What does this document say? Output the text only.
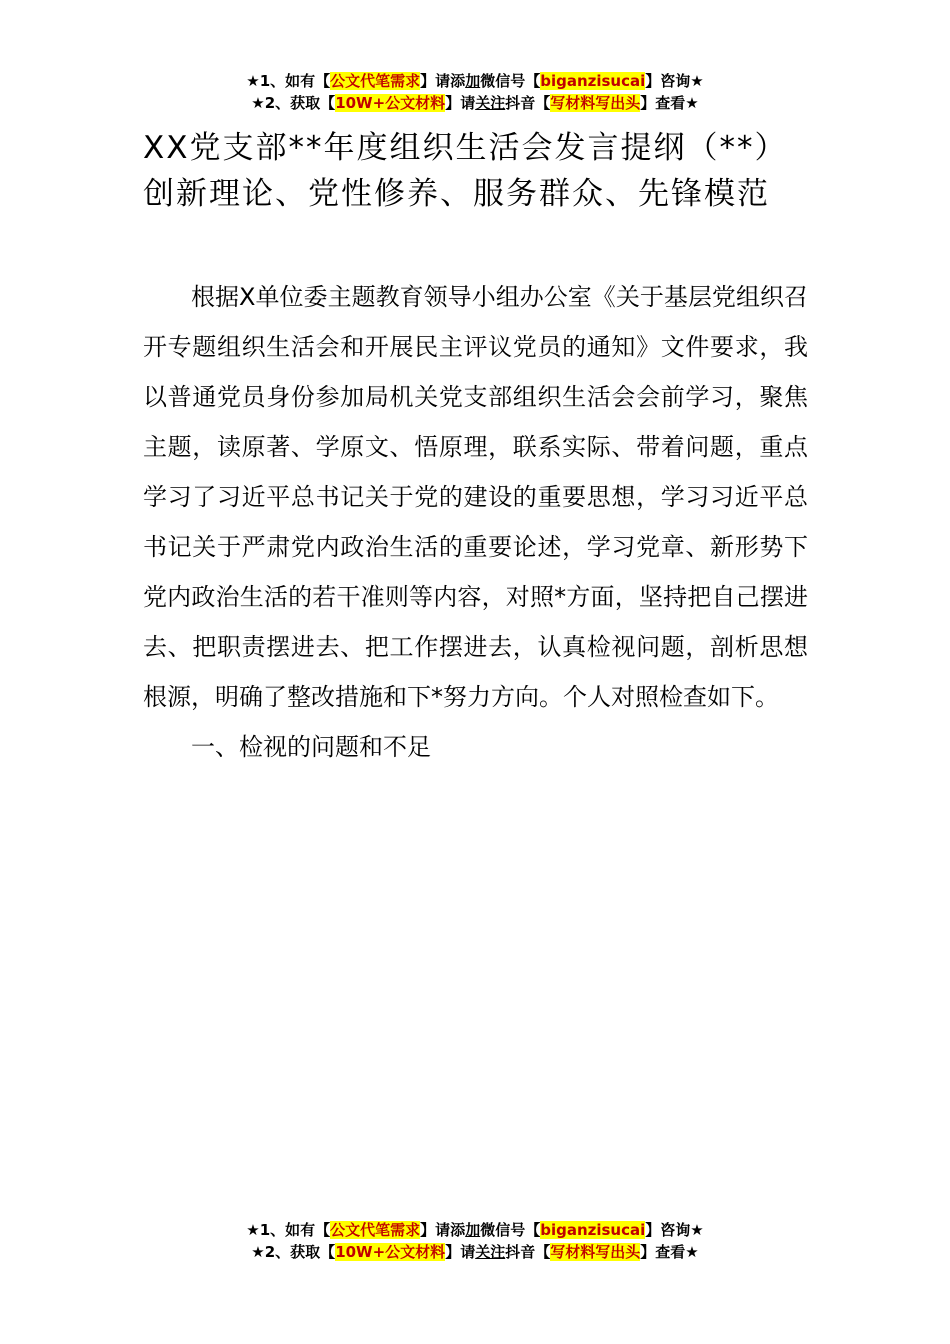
★1、如有【公文代笔需求】请添加微信号【biganzisucai】咨询★
★2、获取【10W+公文材料】请关注抖音【写材料写出头】查看★
XX党支部**年度组织生活会发言提纲（**）创新理论、党性修养、服务群众、先锋模范

根据X单位委主题教育领导小组办公室《关于基层党组织召开专题组织生活会和开展民主评议党员的通知》文件要求，我以普通党员身份参加局机关党支部组织生活会会前学习，聚焦主题，读原著、学原文、悟原理，联系实际、带着问题，重点学习了习近平总书记关于党的建设的重要思想，学习习近平总书记关于严肃党内政治生活的重要论述，学习党章、新形势下党内政治生活的若干准则等内容，对照*方面，坚持把自己摆进去、把职责摆进去、把工作摆进去，认真检视问题，剖析思想根源，明确了整改措施和下*努力方向。个人对照检查如下。

一、检视的问题和不足

★1、如有【公文代笔需求】请添加微信号【biganzisucai】咨询★
★2、获取【10W+公文材料】请关注抖音【写材料写出头】查看★
